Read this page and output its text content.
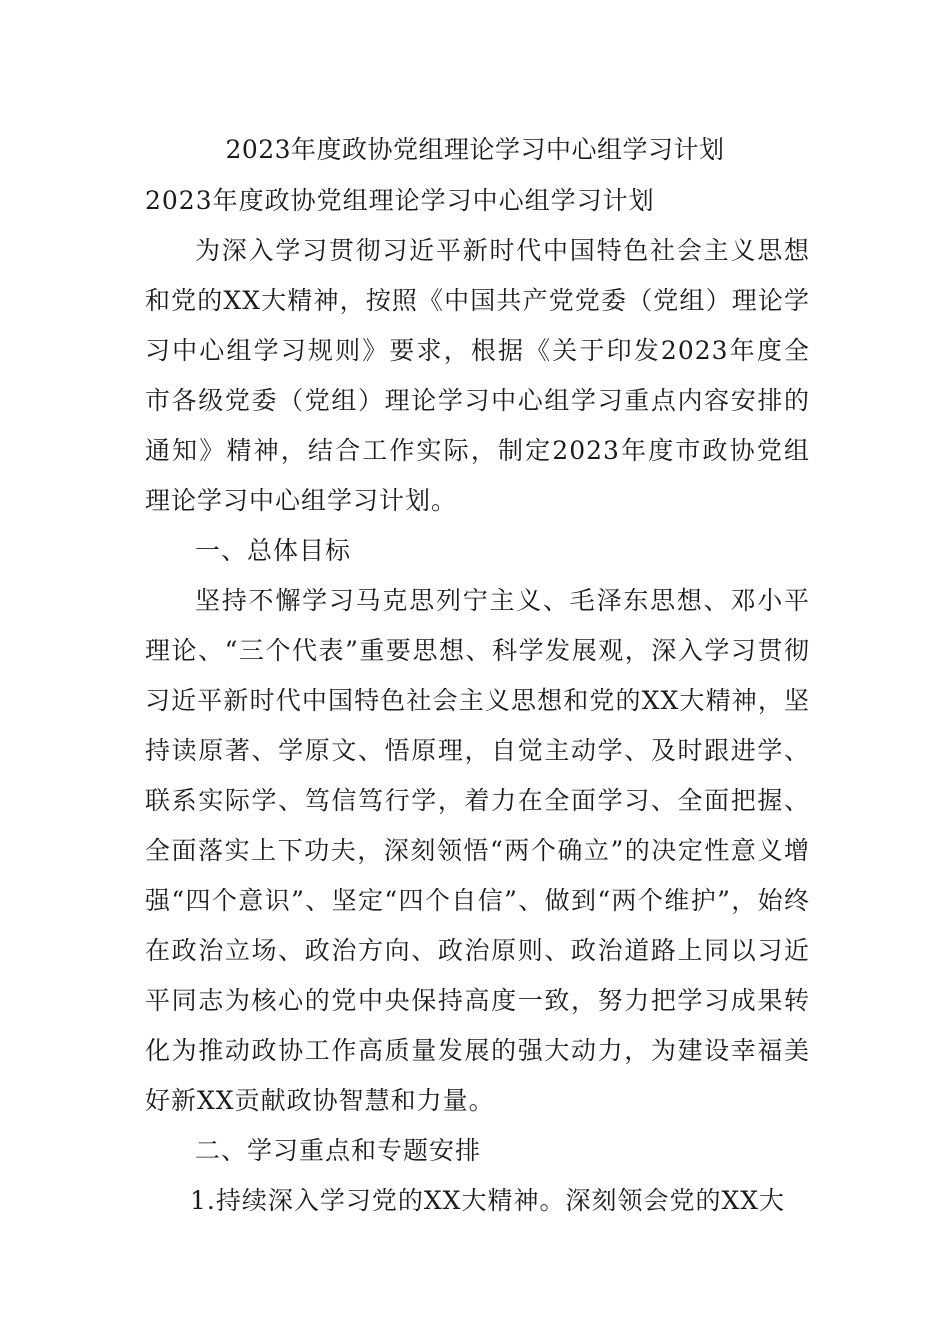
2023年度政协党组理论学习中心组学习计划

2023年度政协党组理论学习中心组学习计划

为深入学习贯彻习近平新时代中国特色社会主义思想和党的XX大精神，按照《中国共产党党委（党组）理论学习中心组学习规则》要求，根据《关于印发2023年度全市各级党委（党组）理论学习中心组学习重点内容安排的通知》精神，结合工作实际，制定2023年度市政协党组理论学习中心组学习计划。

一、总体目标

坚持不懈学习马克思列宁主义、毛泽东思想、邓小平理论、“三个代表”重要思想、科学发展观，深入学习贯彻习近平新时代中国特色社会主义思想和党的XX大精神，坚持读原著、学原文、悟原理，自觉主动学、及时跟进学、联系实际学、笃信笃行学，着力在全面学习、全面把握、全面落实上下功夫，深刻领悟“两个确立”的决定性意义增强“四个意识”、坚定“四个自信”、做到“两个维护”，始终在政治立场、政治方向、政治原则、政治道路上同以习近平同志为核心的党中央保持高度一致，努力把学习成果转化为推动政协工作高质量发展的强大动力，为建设幸福美好新XX贡献政协智慧和力量。

二、学习重点和专题安排

1.持续深入学习党的XX大精神。深刻领会党的XX大
